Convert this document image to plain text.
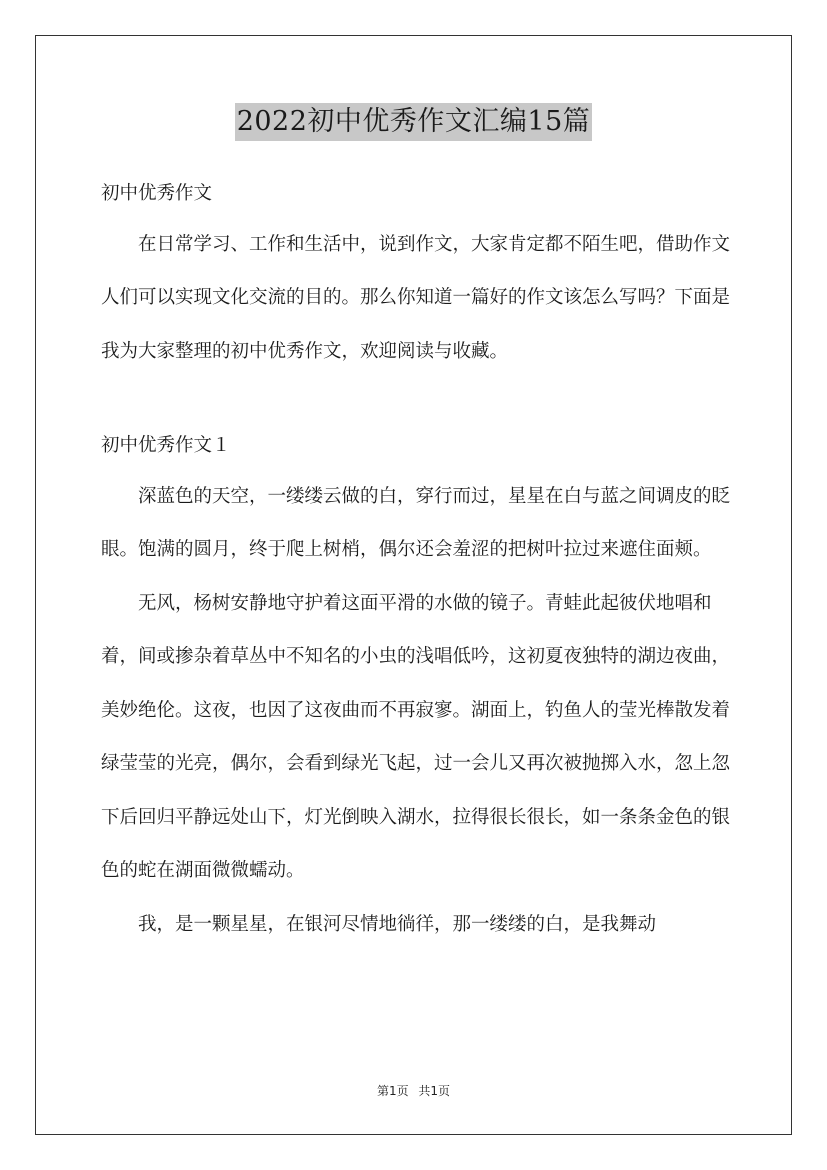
2022初中优秀作文汇编15篇

初中优秀作文

在日常学习、工作和生活中，说到作文，大家肯定都不陌生吧，借助作文人们可以实现文化交流的目的。那么你知道一篇好的作文该怎么写吗？下面是我为大家整理的初中优秀作文，欢迎阅读与收藏。

初中优秀作文１

深蓝色的天空，一缕缕云做的白，穿行而过，星星在白与蓝之间调皮的眨眼。饱满的圆月，终于爬上树梢，偶尔还会羞涩的把树叶拉过来遮住面颊。

无风，杨树安静地守护着这面平滑的水做的镜子。青蛙此起彼伏地唱和着，间或掺杂着草丛中不知名的小虫的浅唱低吟，这初夏夜独特的湖边夜曲，美妙绝伦。这夜，也因了这夜曲而不再寂寥。湖面上，钓鱼人的莹光棒散发着绿莹莹的光亮，偶尔，会看到绿光飞起，过一会儿又再次被抛掷入水，忽上忽下后回归平静远处山下，灯光倒映入湖水，拉得很长很长，如一条条金色的银色的蛇在湖面微微蠕动。

我，是一颗星星，在银河尽情地徜徉，那一缕缕的白，是我舞动

第1页 共1页
